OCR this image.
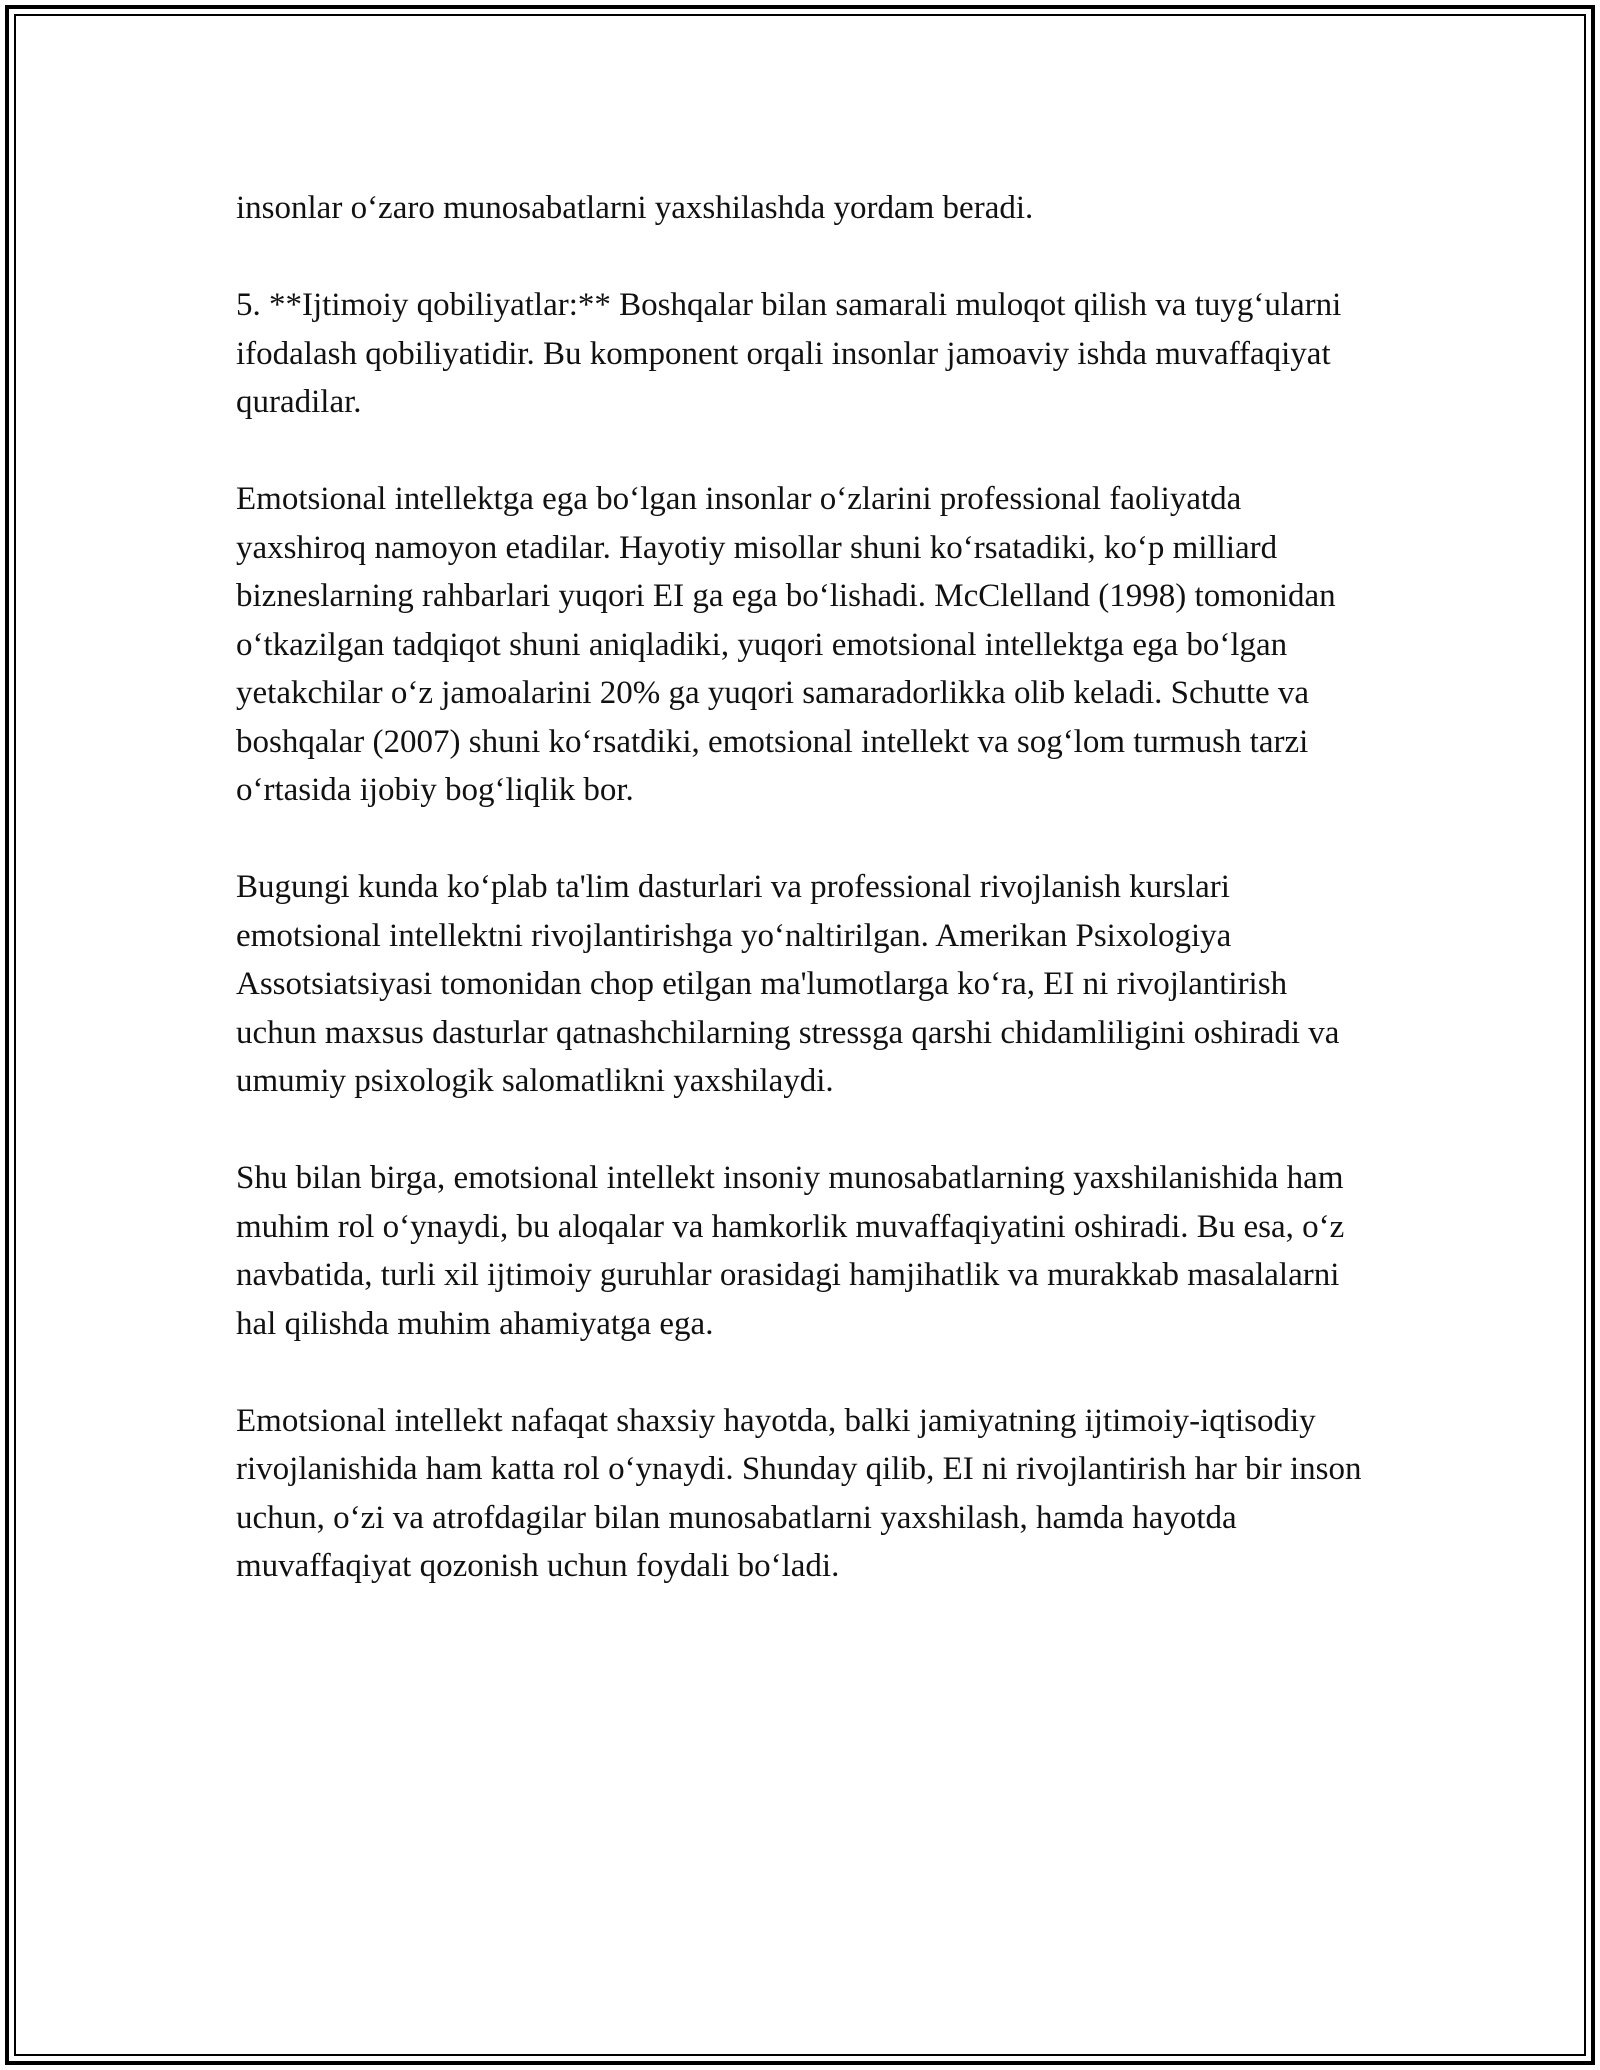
insonlar o‘zaro munosabatlarni yaxshilashda yordam beradi.

5. **Ijtimoiy qobiliyatlar:** Boshqalar bilan samarali muloqot qilish va tuyg‘ularni ifodalash qobiliyatidir. Bu komponent orqali insonlar jamoaviy ishda muvaffaqiyat quradilar.

Emotsional intellektga ega bo‘lgan insonlar o‘zlarini professional faoliyatda yaxshiroq namoyon etadilar. Hayotiy misollar shuni ko‘rsatadiki, ko‘p milliard bizneslarning rahbarlari yuqori EI ga ega bo‘lishadi. McClelland (1998) tomonidan o‘tkazilgan tadqiqot shuni aniqladiki, yuqori emotsional intellektga ega bo‘lgan yetakchilar o‘z jamoalarini 20% ga yuqori samaradorlikka olib keladi. Schutte va boshqalar (2007) shuni ko‘rsatdiki, emotsional intellekt va sog‘lom turmush tarzi o‘rtasida ijobiy bog‘liqlik bor.

Bugungi kunda ko‘plab ta'lim dasturlari va professional rivojlanish kurslari emotsional intellektni rivojlantirishga yo‘naltirilgan. Amerikan Psixologiya Assotsiatsiyasi tomonidan chop etilgan ma'lumotlarga ko‘ra, EI ni rivojlantirish uchun maxsus dasturlar qatnashchilarning stressga qarshi chidamliligini oshiradi va umumiy psixologik salomatlikni yaxshilaydi.

Shu bilan birga, emotsional intellekt insoniy munosabatlarning yaxshilanishida ham muhim rol o‘ynaydi, bu aloqalar va hamkorlik muvaffaqiyatini oshiradi. Bu esa, o‘z navbatida, turli xil ijtimoiy guruhlar orasidagi hamjihatlik va murakkab masalalarni hal qilishda muhim ahamiyatga ega.

Emotsional intellekt nafaqat shaxsiy hayotda, balki jamiyatning ijtimoiy-iqtisodiy rivojlanishida ham katta rol o‘ynaydi. Shunday qilib, EI ni rivojlantirish har bir inson uchun, o‘zi va atrofdagilar bilan munosabatlarni yaxshilash, hamda hayotda muvaffaqiyat qozonish uchun foydali bo‘ladi.
